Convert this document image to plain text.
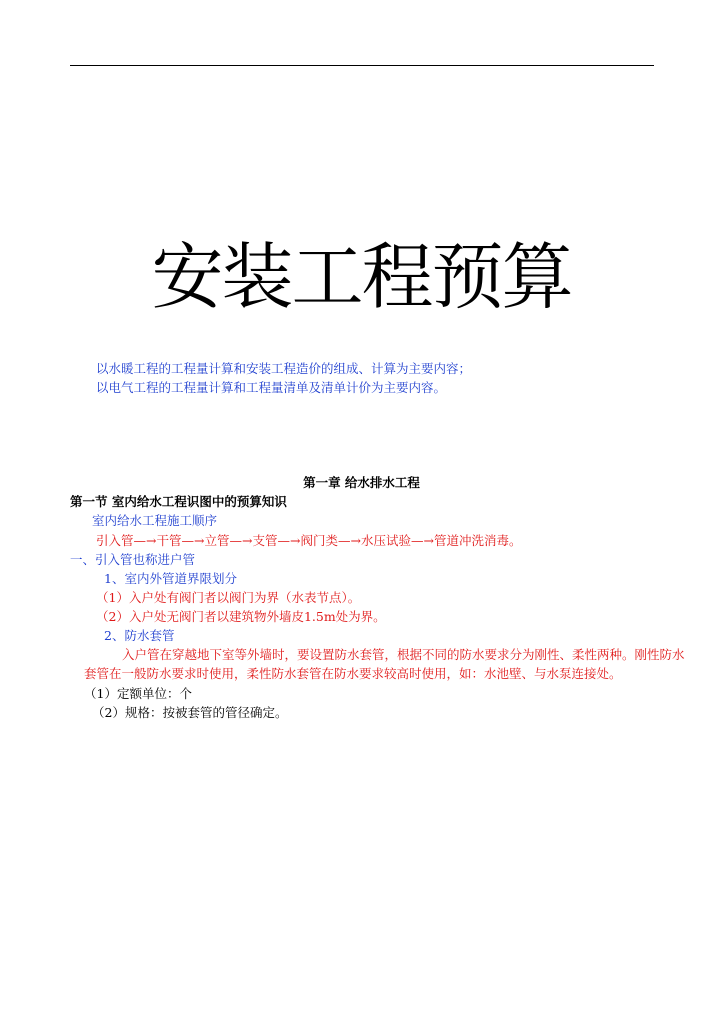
安装工程预算
以水暖工程的工程量计算和安装工程造价的组成、计算为主要内容；
以电气工程的工程量计算和工程量清单及清单计价为主要内容。
第一章 给水排水工程
第一节 室内给水工程识图中的预算知识
室内给水工程施工顺序
引入管—→干管—→立管—→支管—→阀门类—→水压试验—→管道冲洗消毒。
一、引入管也称进户管
1、室内外管道界限划分
（1）入户处有阀门者以阀门为界（水表节点）。
（2）入户处无阀门者以建筑物外墙皮1.5m处为界。
2、防水套管
入户管在穿越地下室等外墙时，要设置防水套管，根据不同的防水要求分为刚性、柔性两种。刚性防水
套管在一般防水要求时使用，柔性防水套管在防水要求较高时使用，如：水池壁、与水泵连接处。
（1）定额单位：个
（2）规格：按被套管的管径确定。
